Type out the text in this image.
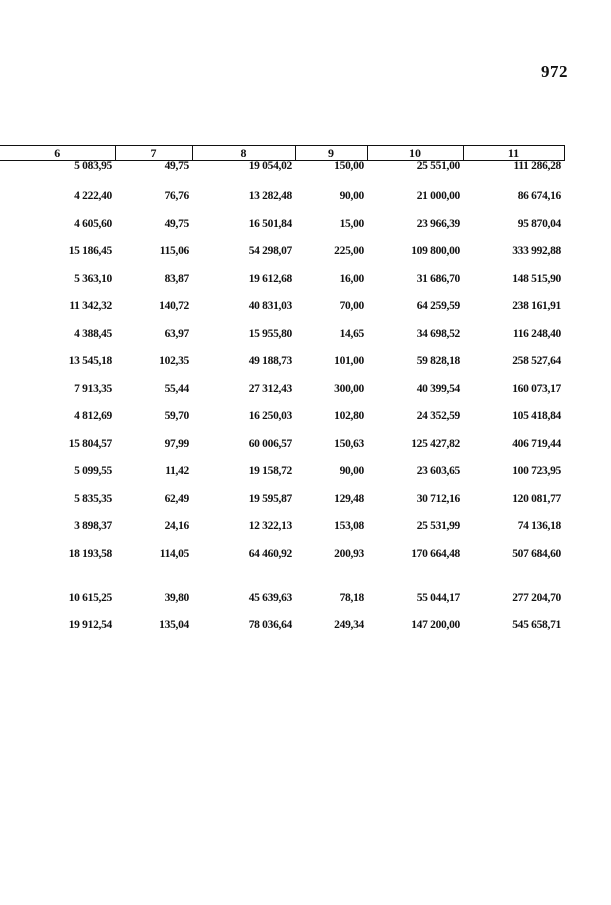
972
6	7	8	9	10	11
5 083,95	49,75	19 054,02	150,00	25 551,00	111 286,28
4 222,40	76,76	13 282,48	90,00	21 000,00	86 674,16
4 605,60	49,75	16 501,84	15,00	23 966,39	95 870,04
15 186,45	115,06	54 298,07	225,00	109 800,00	333 992,88
5 363,10	83,87	19 612,68	16,00	31 686,70	148 515,90
11 342,32	140,72	40 831,03	70,00	64 259,59	238 161,91
4 388,45	63,97	15 955,80	14,65	34 698,52	116 248,40
13 545,18	102,35	49 188,73	101,00	59 828,18	258 527,64
7 913,35	55,44	27 312,43	300,00	40 399,54	160 073,17
4 812,69	59,70	16 250,03	102,80	24 352,59	105 418,84
15 804,57	97,99	60 006,57	150,63	125 427,82	406 719,44
5 099,55	11,42	19 158,72	90,00	23 603,65	100 723,95
5 835,35	62,49	19 595,87	129,48	30 712,16	120 081,77
3 898,37	24,16	12 322,13	153,08	25 531,99	74 136,18
18 193,58	114,05	64 460,92	200,93	170 664,48	507 684,60
10 615,25	39,80	45 639,63	78,18	55 044,17	277 204,70
19 912,54	135,04	78 036,64	249,34	147 200,00	545 658,71
